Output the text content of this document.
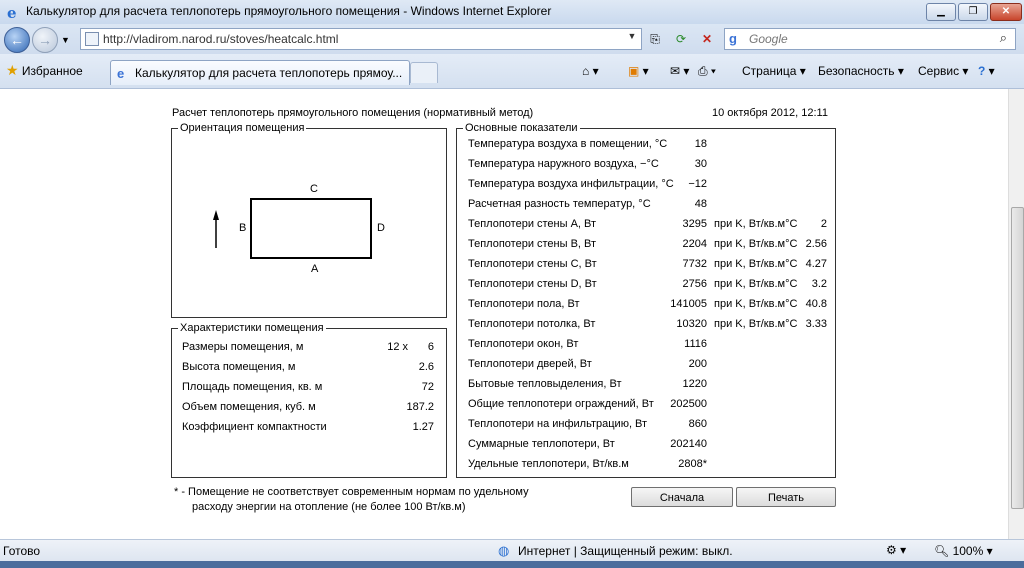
e Калькулятор для расчета теплопотерь прямоугольного помещения - Windows Internet Explorer	▁	❐	✕
←	→	▼	http://vladirom.narod.ru/stoves/heatcalc.html	▼	⎘	⟳	✕	g	Google	⌕
★ Избранное	e Калькулятор для расчета теплопотерь прямоу...	⌂ ▾ ▣ ▾ ✉ ▾ ⎙ ▾ Страница ▾ Безопасность ▾ Сервис ▾ ? ▾
Расчет теплопотерь прямоугольного помещения (нормативный метод)	10 октября 2012, 12:11
Ориентация помещения
C
B	D
A
Характеристики помещения
Размеры помещения, м	12 x	6
Высота помещения, м	2.6
Площадь помещения, кв. м	72
Объем помещения, куб. м	187.2
Коэффициент компактности	1.27
Основные показатели
Температура воздуха в помещении, °С	18
Температура наружного воздуха, −°С	30
Температура воздуха инфильтрации, °С	−12
Расчетная разность температур, °С	48
Теплопотери стены A, Вт	3295 при K, Вт/кв.м°С	2
Теплопотери стены B, Вт	2204 при K, Вт/кв.м°С 2.56
Теплопотери стены C, Вт	7732 при K, Вт/кв.м°С 4.27
Теплопотери стены D, Вт	2756 при K, Вт/кв.м°С	3.2
Теплопотери пола, Вт	141005 при K, Вт/кв.м°С 40.8
Теплопотери потолка, Вт	10320 при K, Вт/кв.м°С 3.33
Теплопотери окон, Вт	1116
Теплопотери дверей, Вт	200
Бытовые тепловыделения, Вт	1220
Общие теплопотери ограждений, Вт	202500
Теплопотери на инфильтрацию, Вт	860
Суммарные теплопотери, Вт	202140
Удельные теплопотери, Вт/кв.м	2808*
* - Помещение не соответствует современным нормам по удельному
расходу энергии на отопление (не более 100 Вт/кв.м)
Сначала	Печать
Готово	◍ Интернет | Защищенный режим: выкл.	⚙ ▾ 🔍︎ 100% ▾
